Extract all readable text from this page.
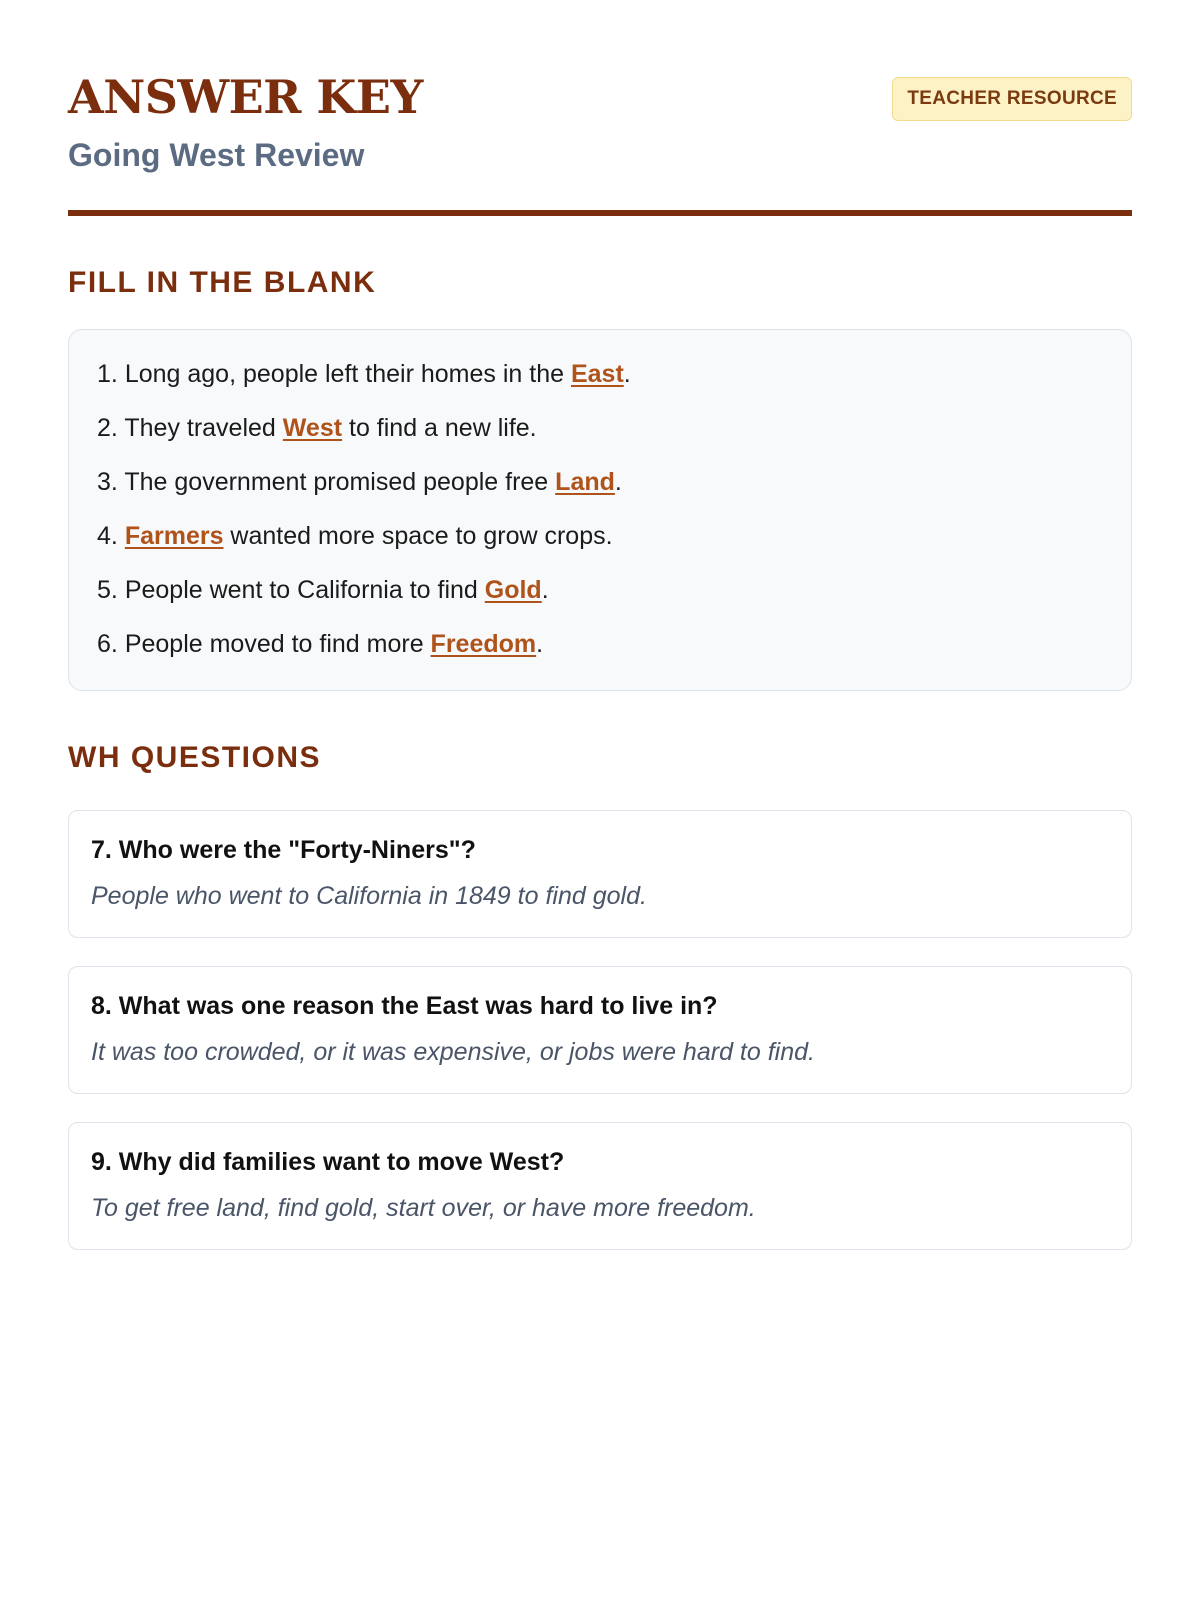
ANSWER KEY
Going West Review
TEACHER RESOURCE
FILL IN THE BLANK
1. Long ago, people left their homes in the East.
2. They traveled West to find a new life.
3. The government promised people free Land.
4. Farmers wanted more space to grow crops.
5. People went to California to find Gold.
6. People moved to find more Freedom.
WH QUESTIONS
7. Who were the "Forty-Niners"?
People who went to California in 1849 to find gold.
8. What was one reason the East was hard to live in?
It was too crowded, or it was expensive, or jobs were hard to find.
9. Why did families want to move West?
To get free land, find gold, start over, or have more freedom.
